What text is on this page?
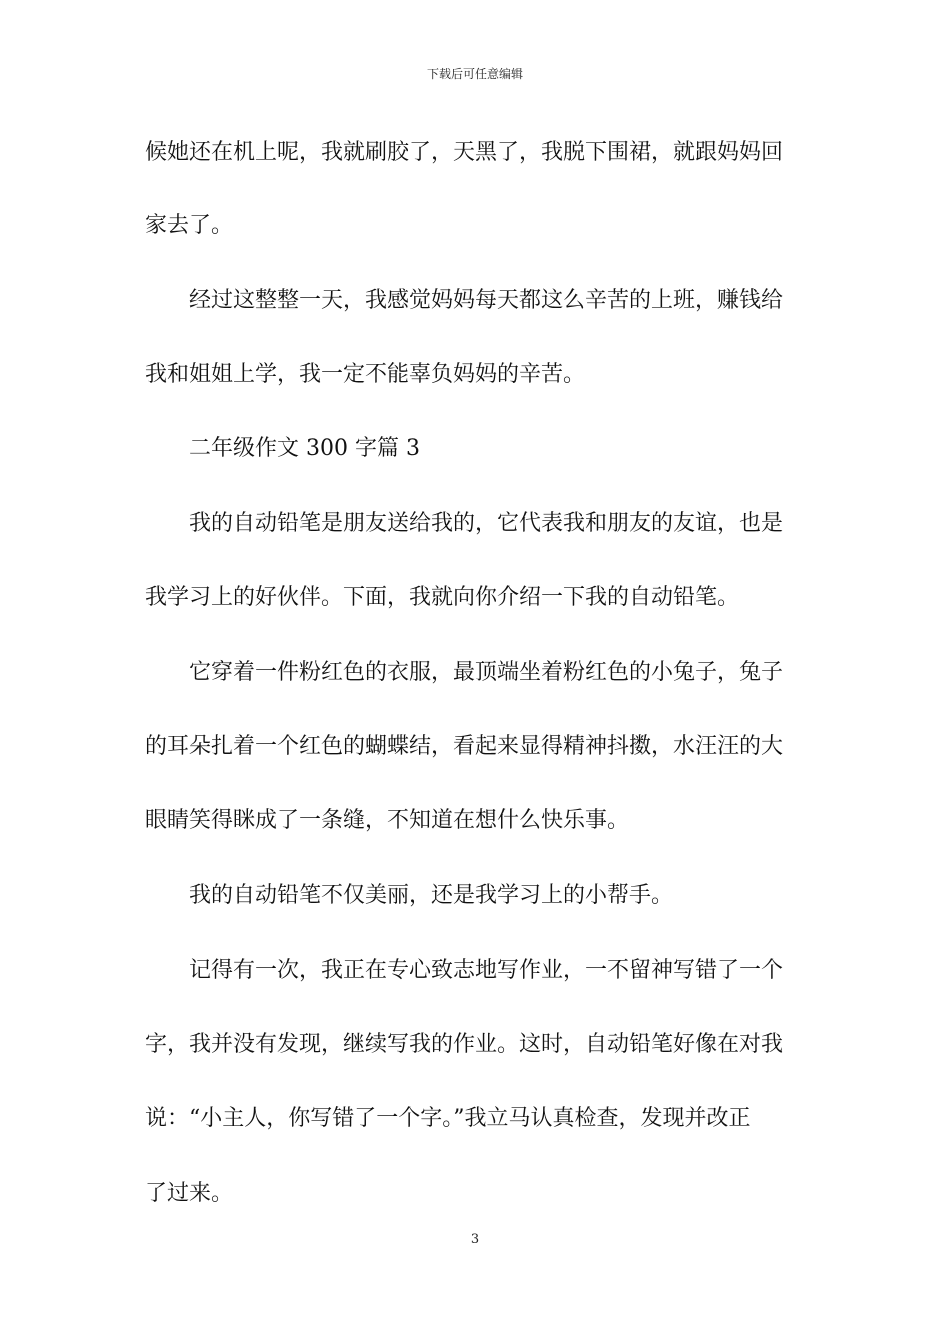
下载后可任意编辑
候她还在机上呢，我就刷胶了，天黑了，我脱下围裙，就跟妈妈回
家去了。
　　经过这整整一天，我感觉妈妈每天都这么辛苦的上班，赚钱给
我和姐姐上学，我一定不能辜负妈妈的辛苦。
　　二年级作文 300 字篇 3
　　我的自动铅笔是朋友送给我的，它代表我和朋友的友谊，也是
我学习上的好伙伴。下面，我就向你介绍一下我的自动铅笔。
　　它穿着一件粉红色的衣服，最顶端坐着粉红色的小兔子，兔子
的耳朵扎着一个红色的蝴蝶结，看起来显得精神抖擞，水汪汪的大
眼睛笑得眯成了一条缝，不知道在想什么快乐事。
　　我的自动铅笔不仅美丽，还是我学习上的小帮手。
　　记得有一次，我正在专心致志地写作业，一不留神写错了一个
字，我并没有发现，继续写我的作业。这时，自动铅笔好像在对我
说：“小主人，你写错了一个字。”我立马认真检查，发现并改正
了过来。
3
